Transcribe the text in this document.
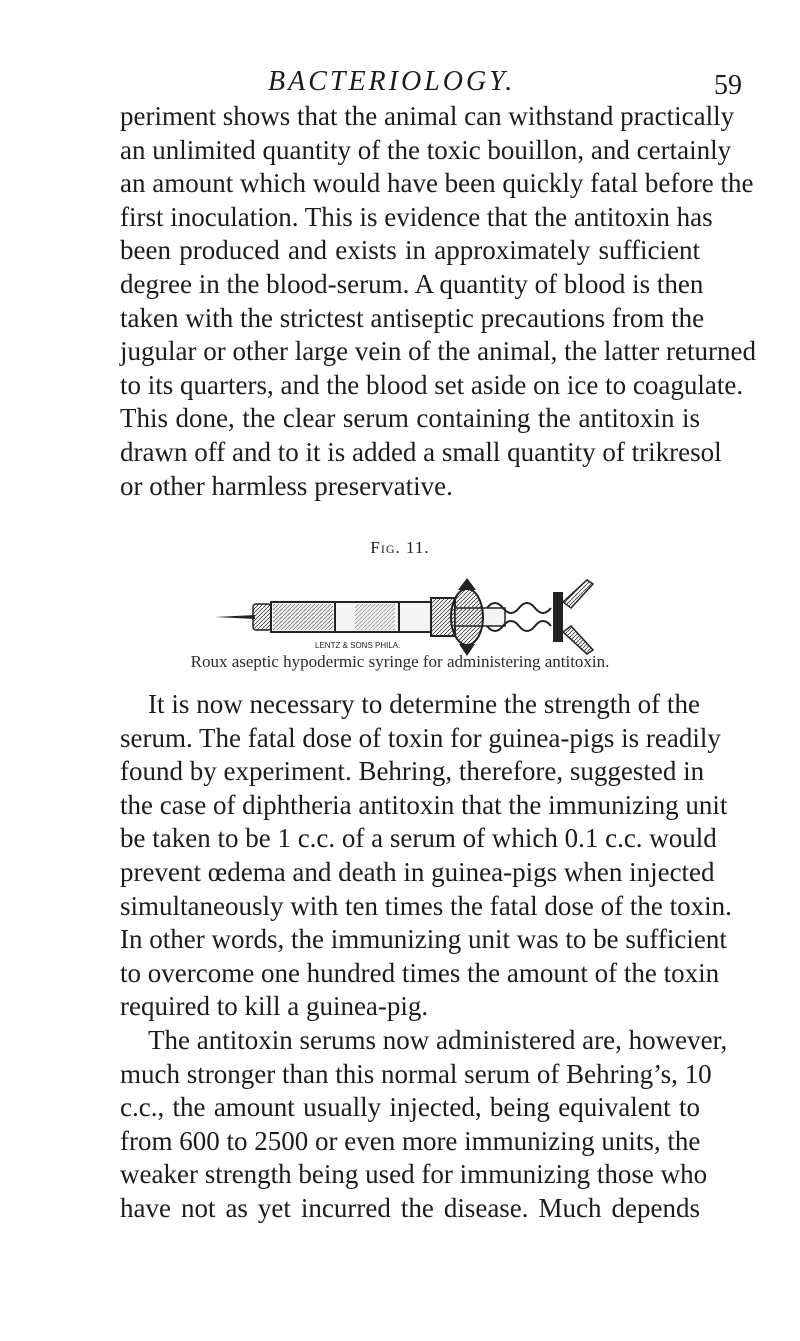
BACTERIOLOGY.	59
periment shows that the animal can withstand practically
an unlimited quantity of the toxic bouillon, and certainly
an amount which would have been quickly fatal before the
first inoculation. This is evidence that the antitoxin has
been produced and exists in approximately sufficient
degree in the blood-serum. A quantity of blood is then
taken with the strictest antiseptic precautions from the
jugular or other large vein of the animal, the latter returned
to its quarters, and the blood set aside on ice to coagulate.
This done, the clear serum containing the antitoxin is
drawn off and to it is added a small quantity of trikresol
or other harmless preservative.
Fig. 11.
LENTZ & SONS PHILA.
Roux aseptic hypodermic syringe for administering antitoxin.
It is now necessary to determine the strength of the
serum. The fatal dose of toxin for guinea-pigs is readily
found by experiment. Behring, therefore, suggested in
the case of diphtheria antitoxin that the immunizing unit
be taken to be 1 c.c. of a serum of which 0.1 c.c. would
prevent œdema and death in guinea-pigs when injected
simultaneously with ten times the fatal dose of the toxin.
In other words, the immunizing unit was to be sufficient
to overcome one hundred times the amount of the toxin
required to kill a guinea-pig.
The antitoxin serums now administered are, however,
much stronger than this normal serum of Behring’s, 10
c.c., the amount usually injected, being equivalent to
from 600 to 2500 or even more immunizing units, the
weaker strength being used for immunizing those who
have not as yet incurred the disease. Much depends
